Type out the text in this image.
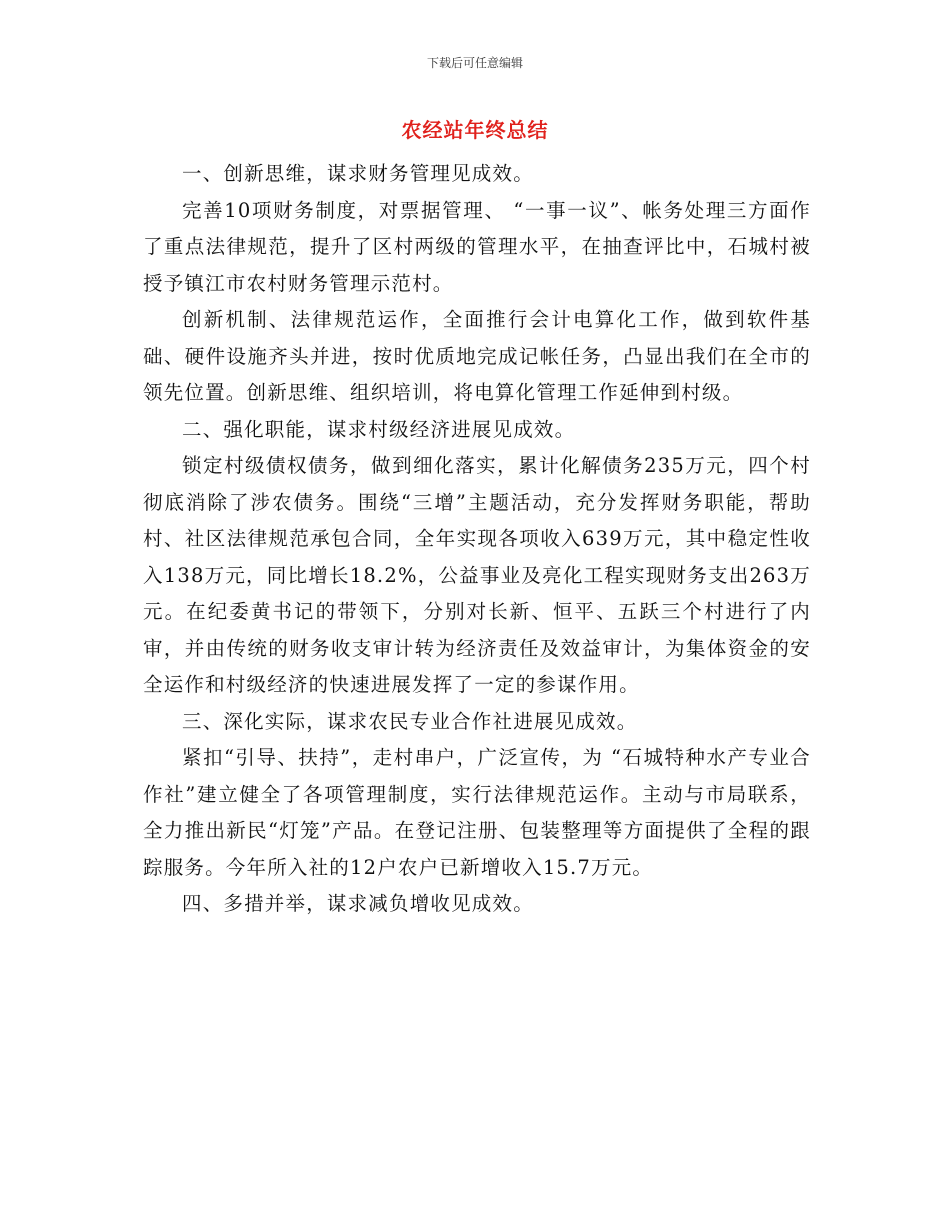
下载后可任意编辑
农经站年终总结

一、创新思维，谋求财务管理见成效。

完善10项财务制度，对票据管理、 “一事一议”、帐务处理三方面作了重点法律规范，提升了区村两级的管理水平，在抽查评比中，石城村被授予镇江市农村财务管理示范村。

创新机制、法律规范运作，全面推行会计电算化工作，做到软件基础、硬件设施齐头并进，按时优质地完成记帐任务，凸显出我们在全市的领先位置。创新思维、组织培训，将电算化管理工作延伸到村级。

二、强化职能，谋求村级经济进展见成效。

锁定村级债权债务，做到细化落实，累计化解债务235万元，四个村彻底消除了涉农债务。围绕“三增”主题活动，充分发挥财务职能，帮助村、社区法律规范承包合同，全年实现各项收入639万元，其中稳定性收入138万元，同比增长18.2%，公益事业及亮化工程实现财务支出263万元。在纪委黄书记的带领下，分别对长新、恒平、五跃三个村进行了内审，并由传统的财务收支审计转为经济责任及效益审计，为集体资金的安全运作和村级经济的快速进展发挥了一定的参谋作用。

三、深化实际，谋求农民专业合作社进展见成效。

紧扣“引导、扶持”，走村串户，广泛宣传，为 “石城特种水产专业合作社”建立健全了各项管理制度，实行法律规范运作。主动与市局联系，全力推出新民“灯笼”产品。在登记注册、包装整理等方面提供了全程的跟踪服务。今年所入社的12户农户已新增收入15.7万元。

四、多措并举，谋求减负增收见成效。
